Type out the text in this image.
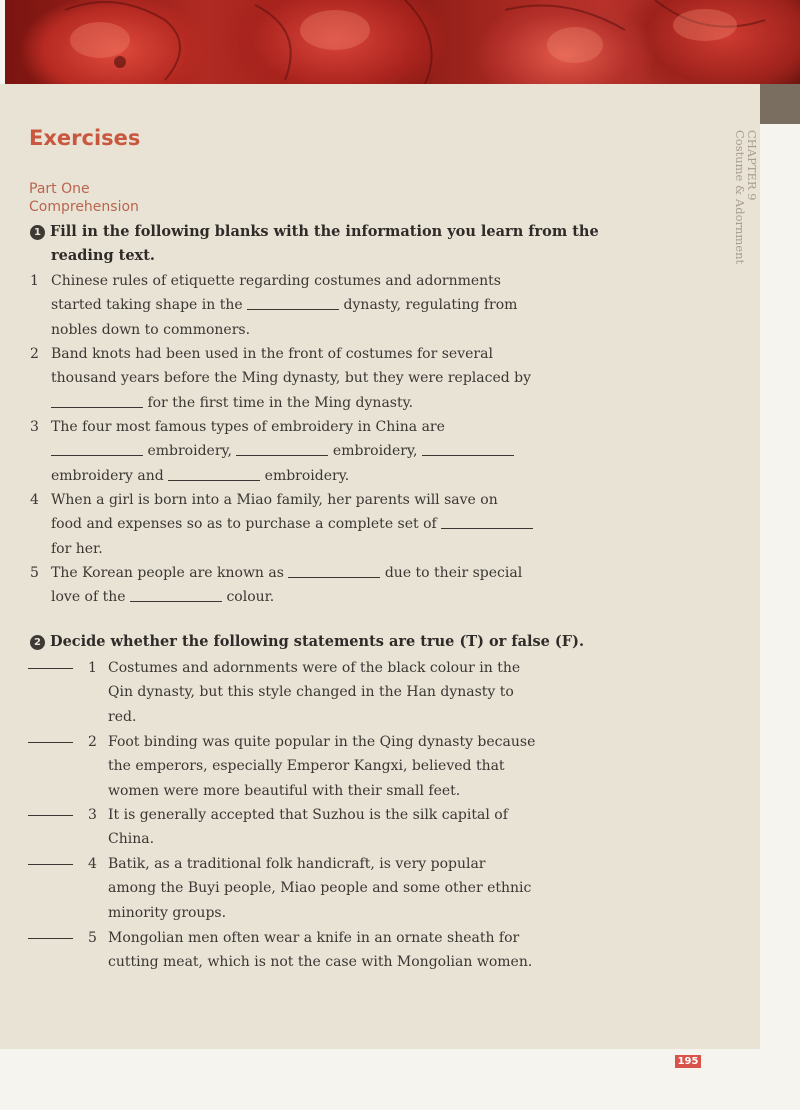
CHAPTER 9
Costume & Adornment
Exercises
Part One
Comprehension
1 Fill in the following blanks with the information you learn from the
reading text.
1 Chinese rules of etiquette regarding costumes and adornments
started taking shape in the	dynasty, regulating from
nobles down to commoners.
2 Band knots had been used in the front of costumes for several
thousand years before the Ming dynasty, but they were replaced by
for the first time in the Ming dynasty.
3 The four most famous types of embroidery in China are
embroidery,	embroidery,
embroidery and	embroidery.
4 When a girl is born into a Miao family, her parents will save on
food and expenses so as to purchase a complete set of
for her.
5 The Korean people are known as	due to their special
love of the	colour.
2 Decide whether the following statements are true (T) or false (F).
1 Costumes and adornments were of the black colour in the
Qin dynasty, but this style changed in the Han dynasty to
red.
2 Foot binding was quite popular in the Qing dynasty because
the emperors, especially Emperor Kangxi, believed that
women were more beautiful with their small feet.
3 It is generally accepted that Suzhou is the silk capital of
China.
4 Batik, as a traditional folk handicraft, is very popular
among the Buyi people, Miao people and some other ethnic
minority groups.
5 Mongolian men often wear a knife in an ornate sheath for
cutting meat, which is not the case with Mongolian women.
195
